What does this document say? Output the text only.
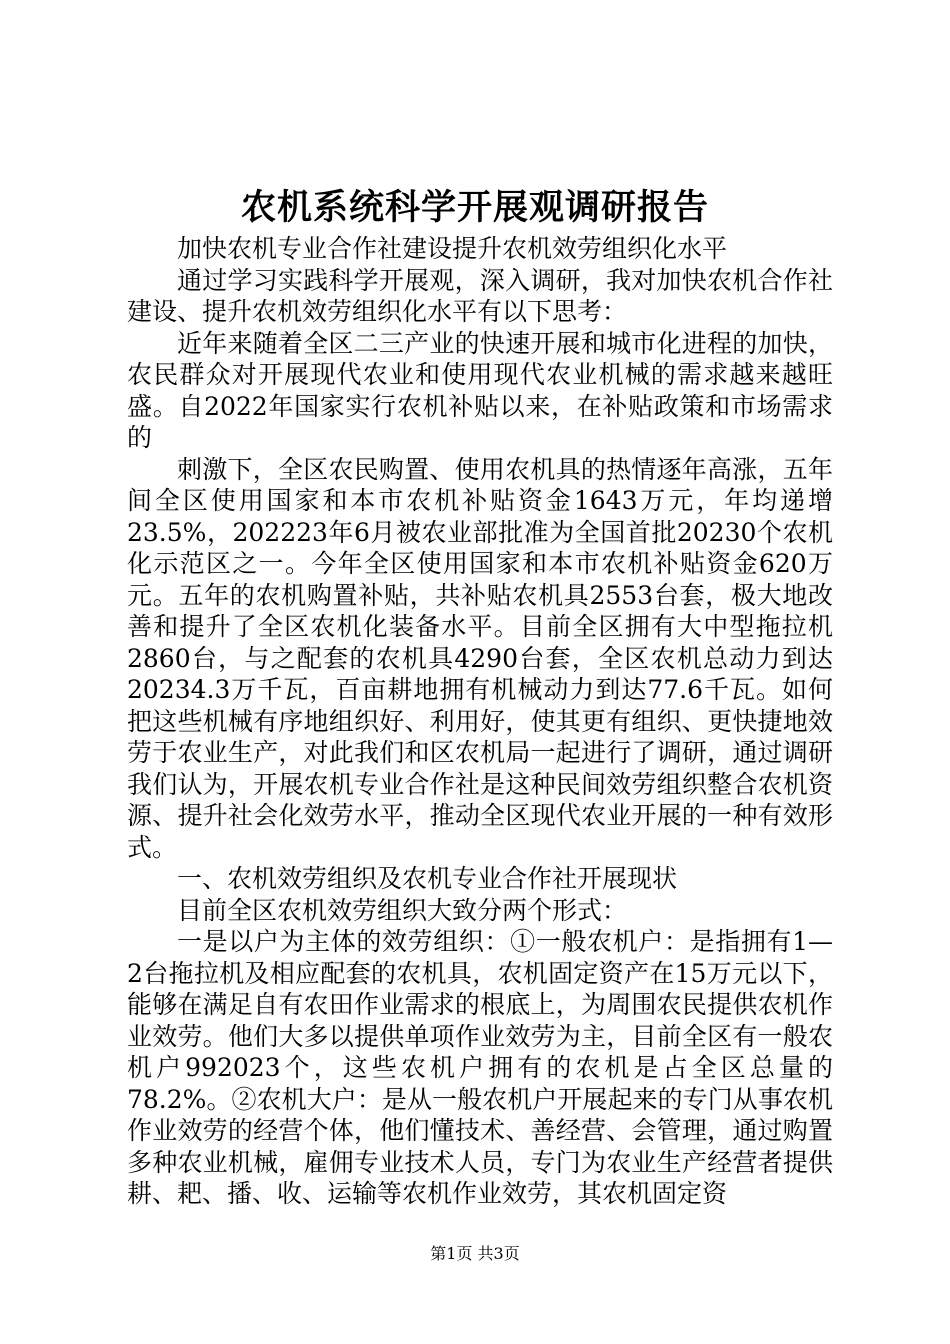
农机系统科学开展观调研报告

加快农机专业合作社建设提升农机效劳组织化水平

通过学习实践科学开展观，深入调研，我对加快农机合作社建设、提升农机效劳组织化水平有以下思考：

近年来随着全区二三产业的快速开展和城市化进程的加快，农民群众对开展现代农业和使用现代农业机械的需求越来越旺盛。自2022年国家实行农机补贴以来，在补贴政策和市场需求的

刺激下，全区农民购置、使用农机具的热情逐年高涨，五年间全区使用国家和本市农机补贴资金1643万元，年均递增23.5%，202223年6月被农业部批准为全国首批20230个农机化示范区之一。今年全区使用国家和本市农机补贴资金620万元。五年的农机购置补贴，共补贴农机具2553台套，极大地改善和提升了全区农机化装备水平。目前全区拥有大中型拖拉机2860台，与之配套的农机具4290台套，全区农机总动力到达20234.3万千瓦，百亩耕地拥有机械动力到达77.6千瓦。如何把这些机械有序地组织好、利用好，使其更有组织、更快捷地效劳于农业生产，对此我们和区农机局一起进行了调研，通过调研我们认为，开展农机专业合作社是这种民间效劳组织整合农机资源、提升社会化效劳水平，推动全区现代农业开展的一种有效形式。

一、农机效劳组织及农机专业合作社开展现状

目前全区农机效劳组织大致分两个形式：

一是以户为主体的效劳组织：①一般农机户：是指拥有1—2台拖拉机及相应配套的农机具，农机固定资产在15万元以下，能够在满足自有农田作业需求的根底上，为周围农民提供农机作业效劳。他们大多以提供单项作业效劳为主，目前全区有一般农机户992023个，这些农机户拥有的农机是占全区总量的78.2%。②农机大户：是从一般农机户开展起来的专门从事农机作业效劳的经营个体，他们懂技术、善经营、会管理，通过购置多种农业机械，雇佣专业技术人员，专门为农业生产经营者提供耕、耙、播、收、运输等农机作业效劳，其农机固定资

第1页 共3页
